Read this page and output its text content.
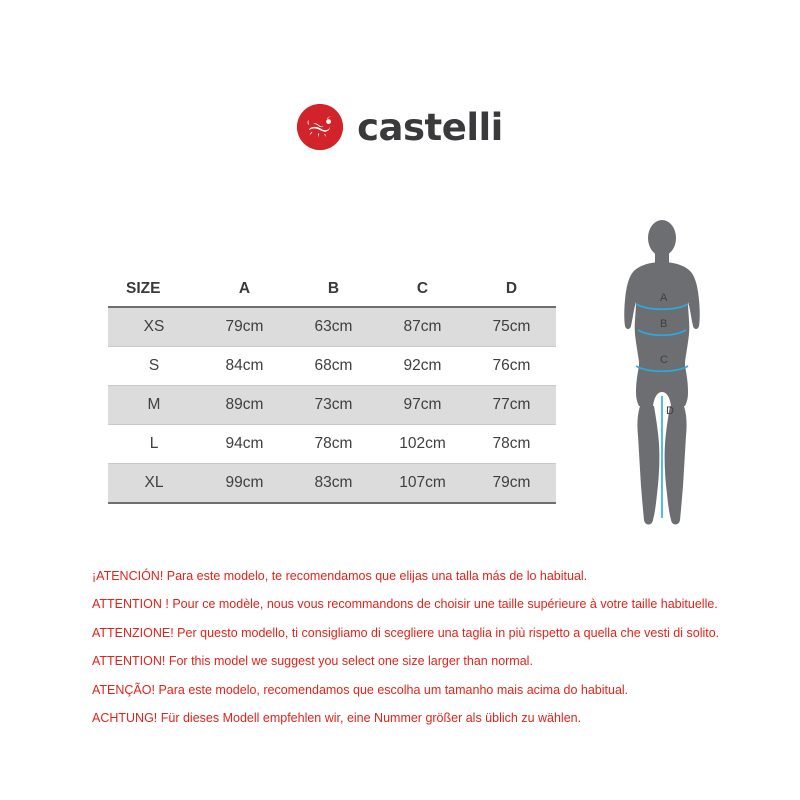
castelli
SIZE	A	B	C	D
XS	79cm	63cm	87cm	75cm
S	84cm	68cm	92cm	76cm
M	89cm	73cm	97cm	77cm
L	94cm	78cm	102cm	78cm
XL	99cm	83cm	107cm	79cm
A
B
C
D
¡ATENCIÓN! Para este modelo, te recomendamos que elijas una talla más de lo habitual.
ATTENTION ! Pour ce modèle, nous vous recommandons de choisir une taille supérieure à votre taille habituelle.
ATTENZIONE! Per questo modello, ti consigliamo di scegliere una taglia in più rispetto a quella che vesti di solito.
ATTENTION! For this model we suggest you select one size larger than normal.
ATENÇÃO! Para este modelo, recomendamos que escolha um tamanho mais acima do habitual.
ACHTUNG! Für dieses Modell empfehlen wir, eine Nummer größer als üblich zu wählen.
